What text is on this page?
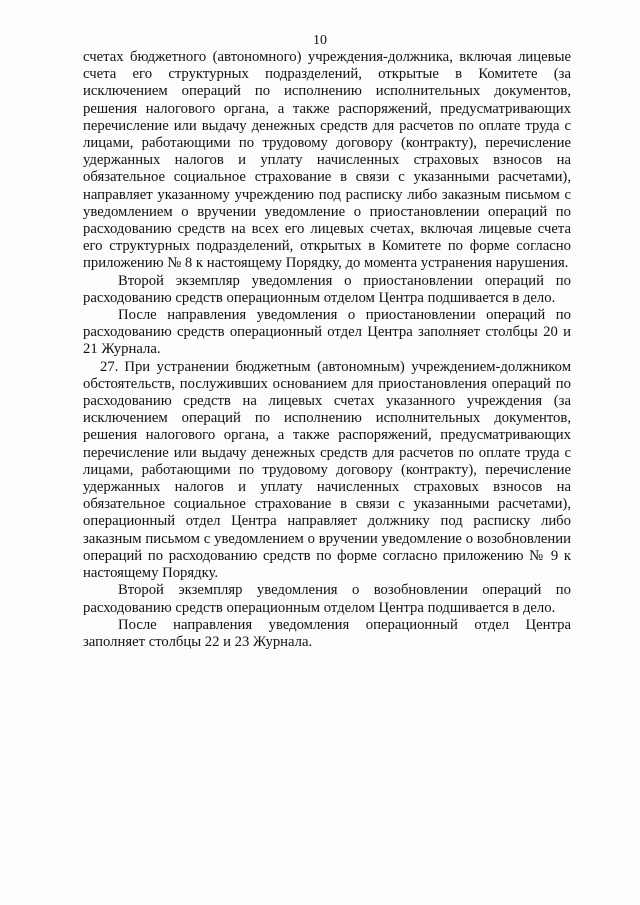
10

счетах бюджетного (автономного) учреждения-должника, включая лицевые счета его структурных подразделений, открытые в Комитете (за исключением операций по исполнению исполнительных документов, решения налогового органа, а также распоряжений, предусматривающих перечисление или выдачу денежных средств для расчетов по оплате труда с лицами, работающими по трудовому договору (контракту), перечисление удержанных налогов и уплату начисленных страховых взносов на обязательное социальное страхование в связи с указанными расчетами), направляет указанному учреждению под расписку либо заказным письмом с уведомлением о вручении уведомление о приостановлении операций по расходованию средств на всех его лицевых счетах, включая лицевые счета его структурных подразделений, открытых в Комитете по форме согласно приложению № 8 к настоящему Порядку, до момента устранения нарушения.

Второй экземпляр уведомления о приостановлении операций по расходованию средств операционным отделом Центра подшивается в дело.

После направления уведомления о приостановлении операций по расходованию средств операционный отдел Центра заполняет столбцы 20 и 21 Журнала.

27. При устранении бюджетным (автономным) учреждением-должником обстоятельств, послуживших основанием для приостановления операций по расходованию средств на лицевых счетах указанного учреждения (за исключением операций по исполнению исполнительных документов, решения налогового органа, а также распоряжений, предусматривающих перечисление или выдачу денежных средств для расчетов по оплате труда с лицами, работающими по трудовому договору (контракту), перечисление удержанных налогов и уплату начисленных страховых взносов на обязательное социальное страхование в связи с указанными расчетами), операционный отдел Центра направляет должнику под расписку либо заказным письмом с уведомлением о вручении уведомление о возобновлении операций по расходованию средств по форме согласно приложению № 9 к настоящему Порядку.

Второй экземпляр уведомления о возобновлении операций по расходованию средств операционным отделом Центра подшивается в дело.

После направления уведомления операционный отдел Центра заполняет столбцы 22 и 23 Журнала.
